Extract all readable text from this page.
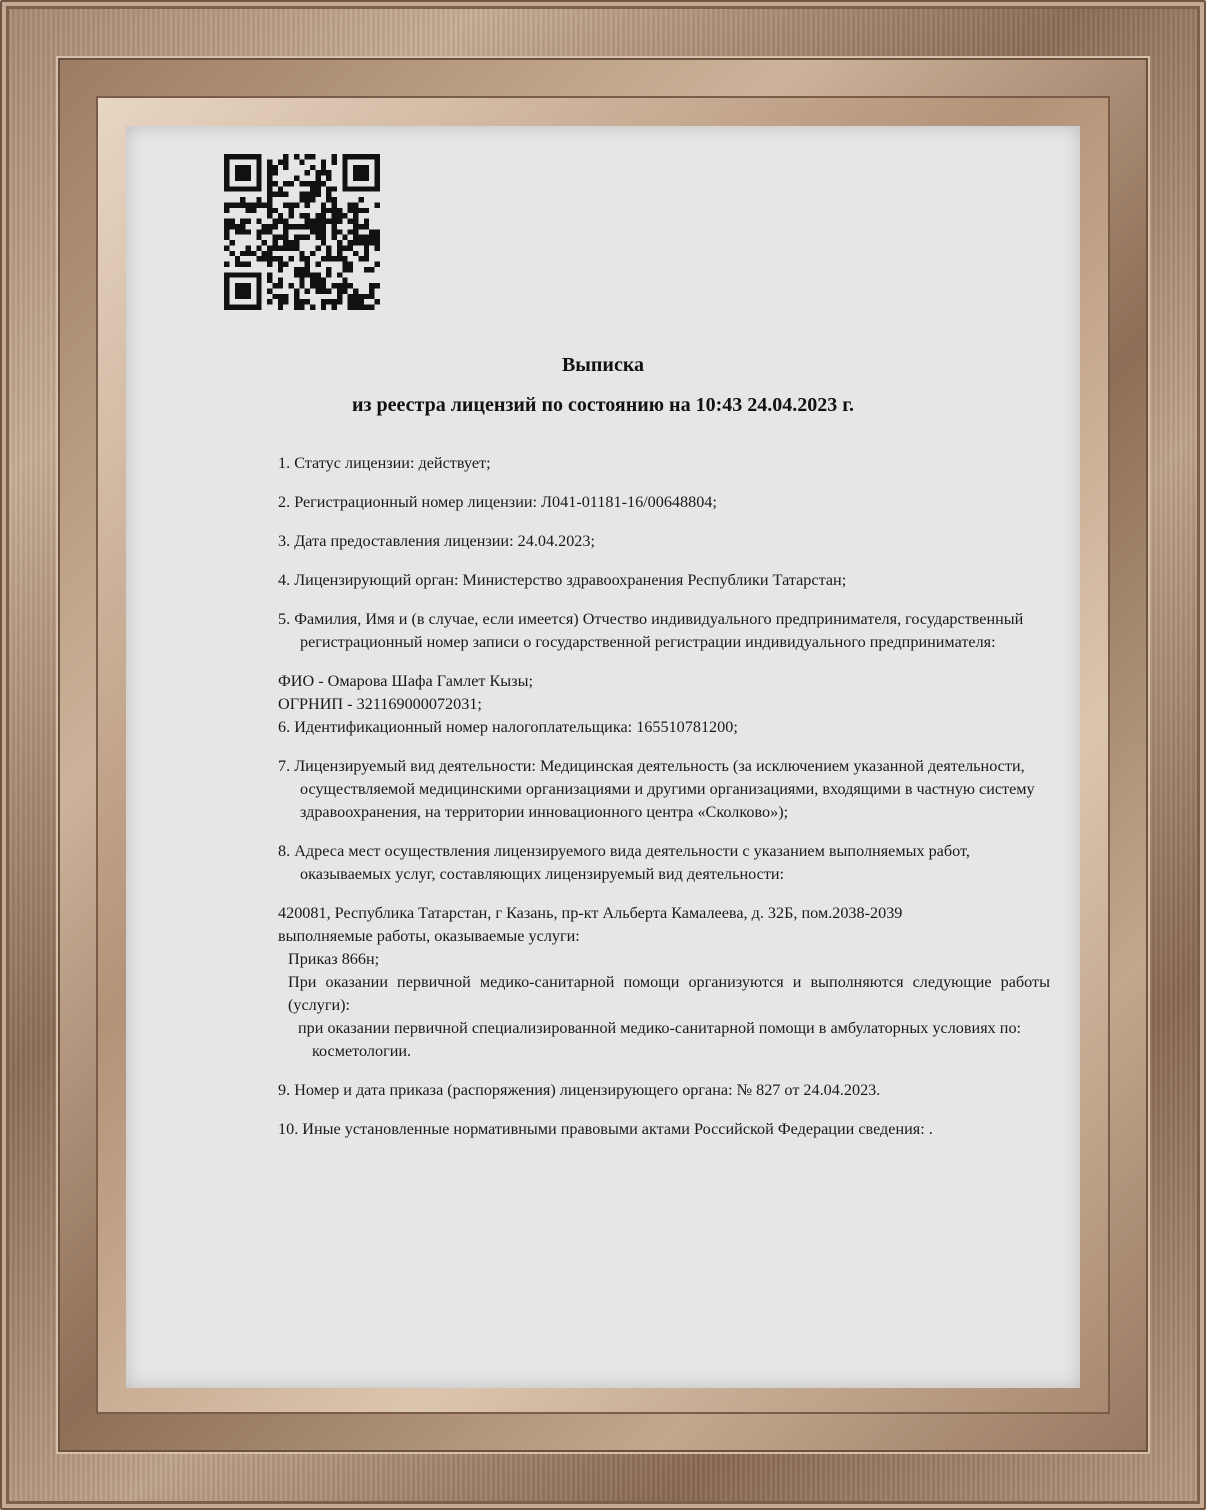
Выписка
из реестра лицензий по состоянию на 10:43 24.04.2023 г.
1. Статус лицензии: действует;
2. Регистрационный номер лицензии: Л041-01181-16/00648804;
3. Дата предоставления лицензии: 24.04.2023;
4. Лицензирующий орган: Министерство здравоохранения Республики Татарстан;
5. Фамилия, Имя и (в случае, если имеется) Отчество индивидуального предпринимателя, государственный регистрационный номер записи о государственной регистрации индивидуального предпринимателя:
ФИО - Омарова Шафа Гамлет Кызы;
ОГРНИП - 321169000072031;
6. Идентификационный номер налогоплательщика: 165510781200;
7. Лицензируемый вид деятельности: Медицинская деятельность (за исключением указанной деятельности, осуществляемой медицинскими организациями и другими организациями, входящими в частную систему здравоохранения, на территории инновационного центра «Сколково»);
8. Адреса мест осуществления лицензируемого вида деятельности с указанием выполняемых работ, оказываемых услуг, составляющих лицензируемый вид деятельности:
420081, Республика Татарстан, г Казань, пр-кт Альберта Камалеева, д. 32Б, пом.2038-2039
выполняемые работы, оказываемые услуги:
Приказ 866н;
При оказании первичной медико-санитарной помощи организуются и выполняются следующие работы (услуги):
при оказании первичной специализированной медико-санитарной помощи в амбулаторных условиях по:
косметологии.
9. Номер и дата приказа (распоряжения) лицензирующего органа: № 827 от 24.04.2023.
10. Иные установленные нормативными правовыми актами Российской Федерации сведения: .
